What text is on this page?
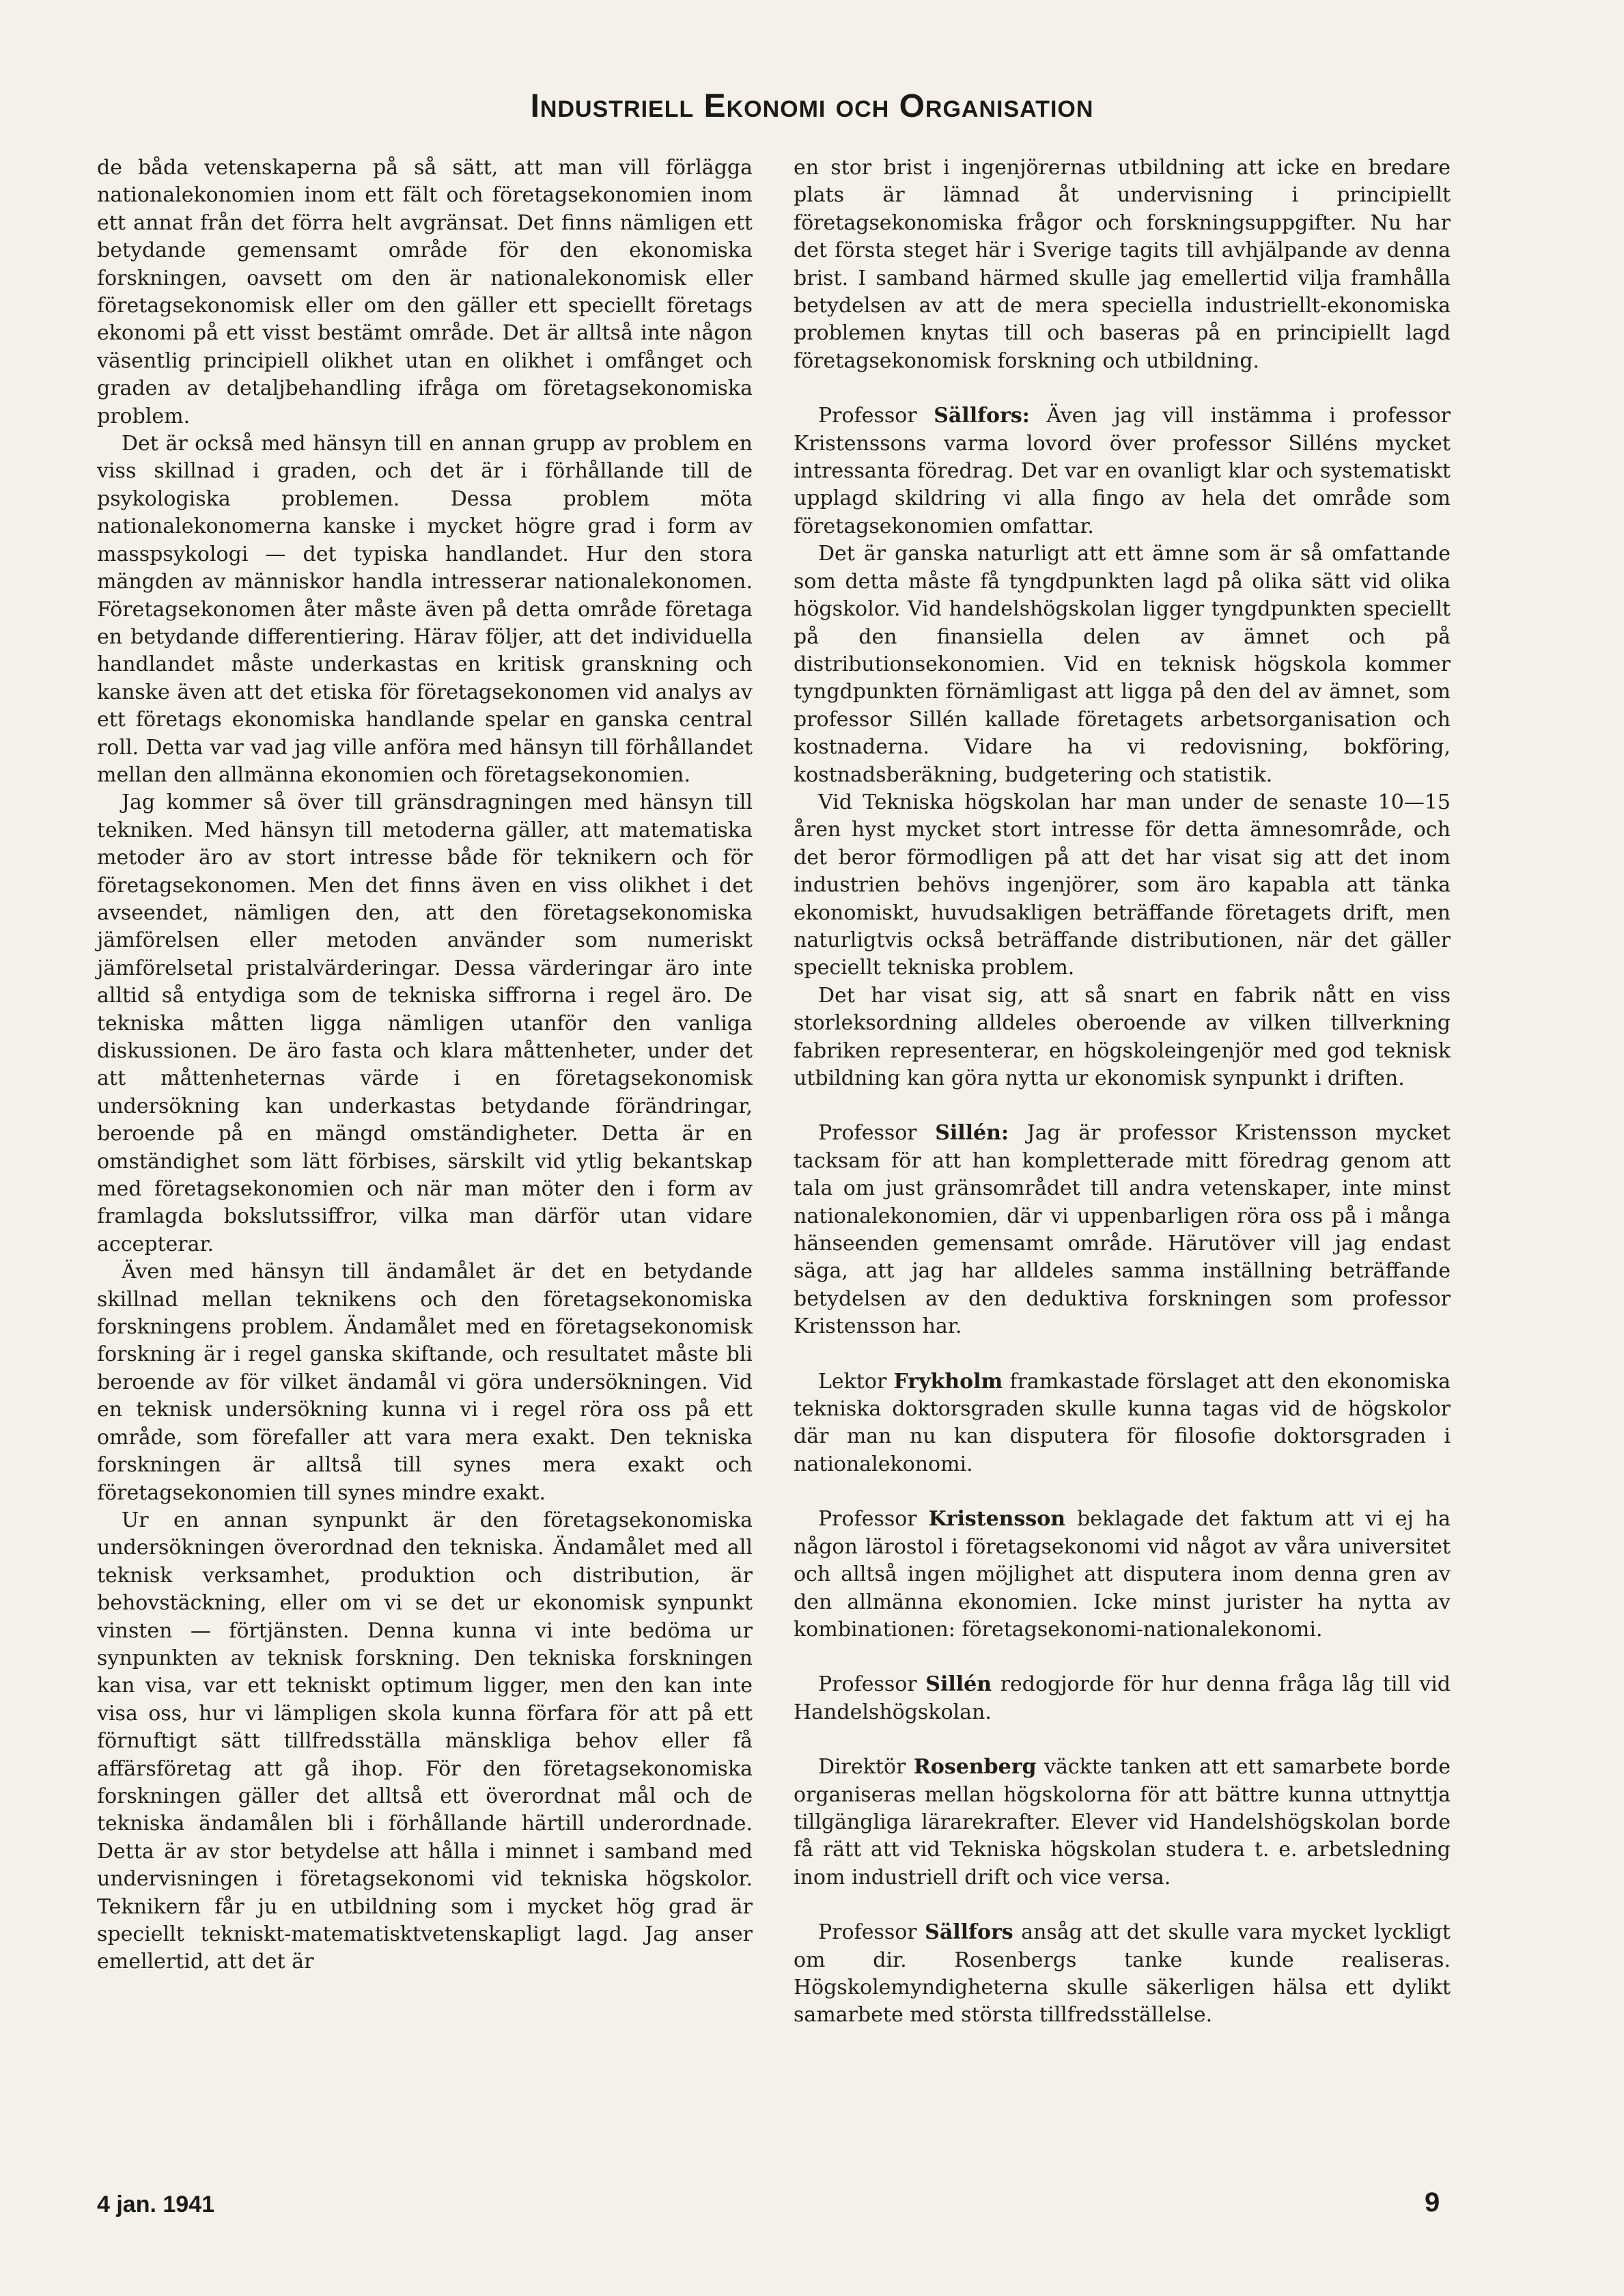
Industriell Ekonomi och Organisation

de båda vetenskaperna på så sätt, att man vill förlägga nationalekonomien inom ett fält och företagsekonomien inom ett annat från det förra helt avgränsat. Det finns nämligen ett betydande gemensamt område för den ekonomiska forskningen, oavsett om den är nationalekonomisk eller företagsekonomisk eller om den gäller ett speciellt företags ekonomi på ett visst bestämt område. Det är alltså inte någon väsentlig principiell olikhet utan en olikhet i omfånget och graden av detaljbehandling ifråga om företagsekonomiska problem.

Det är också med hänsyn till en annan grupp av problem en viss skillnad i graden, och det är i förhållande till de psykologiska problemen. Dessa problem möta nationalekonomerna kanske i mycket högre grad i form av masspsykologi — det typiska handlandet. Hur den stora mängden av människor handla intresserar nationalekonomen. Företagsekonomen åter måste även på detta område företaga en betydande differentiering. Härav följer, att det individuella handlandet måste underkastas en kritisk granskning och kanske även att det etiska för företagsekonomen vid analys av ett företags ekonomiska handlande spelar en ganska central roll. Detta var vad jag ville anföra med hänsyn till förhållandet mellan den allmänna ekonomien och företagsekonomien.

Jag kommer så över till gränsdragningen med hänsyn till tekniken. Med hänsyn till metoderna gäller, att matematiska metoder äro av stort intresse både för teknikern och för företagsekonomen. Men det finns även en viss olikhet i det avseendet, nämligen den, att den företagsekonomiska jämförelsen eller metoden använder som numeriskt jämförelsetal pristalvärderingar. Dessa värderingar äro inte alltid så entydiga som de tekniska siffrorna i regel äro. De tekniska måtten ligga nämligen utanför den vanliga diskussionen. De äro fasta och klara måttenheter, under det att måttenheternas värde i en företagsekonomisk undersökning kan underkastas betydande förändringar, beroende på en mängd omständigheter. Detta är en omständighet som lätt förbises, särskilt vid ytlig bekantskap med företagsekonomien och när man möter den i form av framlagda bokslutssiffror, vilka man därför utan vidare accepterar.

Även med hänsyn till ändamålet är det en betydande skillnad mellan teknikens och den företagsekonomiska forskningens problem. Ändamålet med en företagsekonomisk forskning är i regel ganska skiftande, och resultatet måste bli beroende av för vilket ändamål vi göra undersökningen. Vid en teknisk undersökning kunna vi i regel röra oss på ett område, som förefaller att vara mera exakt. Den tekniska forskningen är alltså till synes mera exakt och företagsekonomien till synes mindre exakt.

Ur en annan synpunkt är den företagsekonomiska undersökningen överordnad den tekniska. Ändamålet med all teknisk verksamhet, produktion och distribution, är behovstäckning, eller om vi se det ur ekonomisk synpunkt vinsten — förtjänsten. Denna kunna vi inte bedöma ur synpunkten av teknisk forskning. Den tekniska forskningen kan visa, var ett tekniskt optimum ligger, men den kan inte visa oss, hur vi lämpligen skola kunna förfara för att på ett förnuftigt sätt tillfredsställa mänskliga behov eller få affärsföretag att gå ihop. För den företagsekonomiska forskningen gäller det alltså ett överordnat mål och de tekniska ändamålen bli i förhållande härtill underordnade. Detta är av stor betydelse att hålla i minnet i samband med undervisningen i företagsekonomi vid tekniska högskolor. Teknikern får ju en utbildning som i mycket hög grad är speciellt tekniskt-matematisktvetenskapligt lagd. Jag anser emellertid, att det är

en stor brist i ingenjörernas utbildning att icke en bredare plats är lämnad åt undervisning i principiellt företagsekonomiska frågor och forskningsuppgifter. Nu har det första steget här i Sverige tagits till avhjälpande av denna brist. I samband härmed skulle jag emellertid vilja framhålla betydelsen av att de mera speciella industriellt-ekonomiska problemen knytas till och baseras på en principiellt lagd företagsekonomisk forskning och utbildning.

Professor Sällfors: Även jag vill instämma i professor Kristenssons varma lovord över professor Silléns mycket intressanta föredrag. Det var en ovanligt klar och systematiskt upplagd skildring vi alla fingo av hela det område som företagsekonomien omfattar.

Det är ganska naturligt att ett ämne som är så omfattande som detta måste få tyngdpunkten lagd på olika sätt vid olika högskolor. Vid handelshögskolan ligger tyngdpunkten speciellt på den finansiella delen av ämnet och på distributionsekonomien. Vid en teknisk högskola kommer tyngdpunkten förnämligast att ligga på den del av ämnet, som professor Sillén kallade företagets arbetsorganisation och kostnaderna. Vidare ha vi redovisning, bokföring, kostnadsberäkning, budgetering och statistik.

Vid Tekniska högskolan har man under de senaste 10—15 åren hyst mycket stort intresse för detta ämnesområde, och det beror förmodligen på att det har visat sig att det inom industrien behövs ingenjörer, som äro kapabla att tänka ekonomiskt, huvudsakligen beträffande företagets drift, men naturligtvis också beträffande distributionen, när det gäller speciellt tekniska problem.

Det har visat sig, att så snart en fabrik nått en viss storleksordning alldeles oberoende av vilken tillverkning fabriken representerar, en högskoleingenjör med god teknisk utbildning kan göra nytta ur ekonomisk synpunkt i driften.

Professor Sillén: Jag är professor Kristensson mycket tacksam för att han kompletterade mitt föredrag genom att tala om just gränsområdet till andra vetenskaper, inte minst nationalekonomien, där vi uppenbarligen röra oss på i många hänseenden gemensamt område. Härutöver vill jag endast säga, att jag har alldeles samma inställning beträffande betydelsen av den deduktiva forskningen som professor Kristensson har.

Lektor Frykholm framkastade förslaget att den ekonomiska tekniska doktorsgraden skulle kunna tagas vid de högskolor där man nu kan disputera för filosofie doktorsgraden i nationalekonomi.

Professor Kristensson beklagade det faktum att vi ej ha någon lärostol i företagsekonomi vid något av våra universitet och alltså ingen möjlighet att disputera inom denna gren av den allmänna ekonomien. Icke minst jurister ha nytta av kombinationen: företagsekonomi-nationalekonomi.

Professor Sillén redogjorde för hur denna fråga låg till vid Handelshögskolan.

Direktör Rosenberg väckte tanken att ett samarbete borde organiseras mellan högskolorna för att bättre kunna uttnyttja tillgängliga lärarekrafter. Elever vid Handelshögskolan borde få rätt att vid Tekniska högskolan studera t. e. arbetsledning inom industriell drift och vice versa.

Professor Sällfors ansåg att det skulle vara mycket lyckligt om dir. Rosenbergs tanke kunde realiseras. Högskolemyndigheterna skulle säkerligen hälsa ett dylikt samarbete med största tillfredsställelse.

4 jan. 1941	9
